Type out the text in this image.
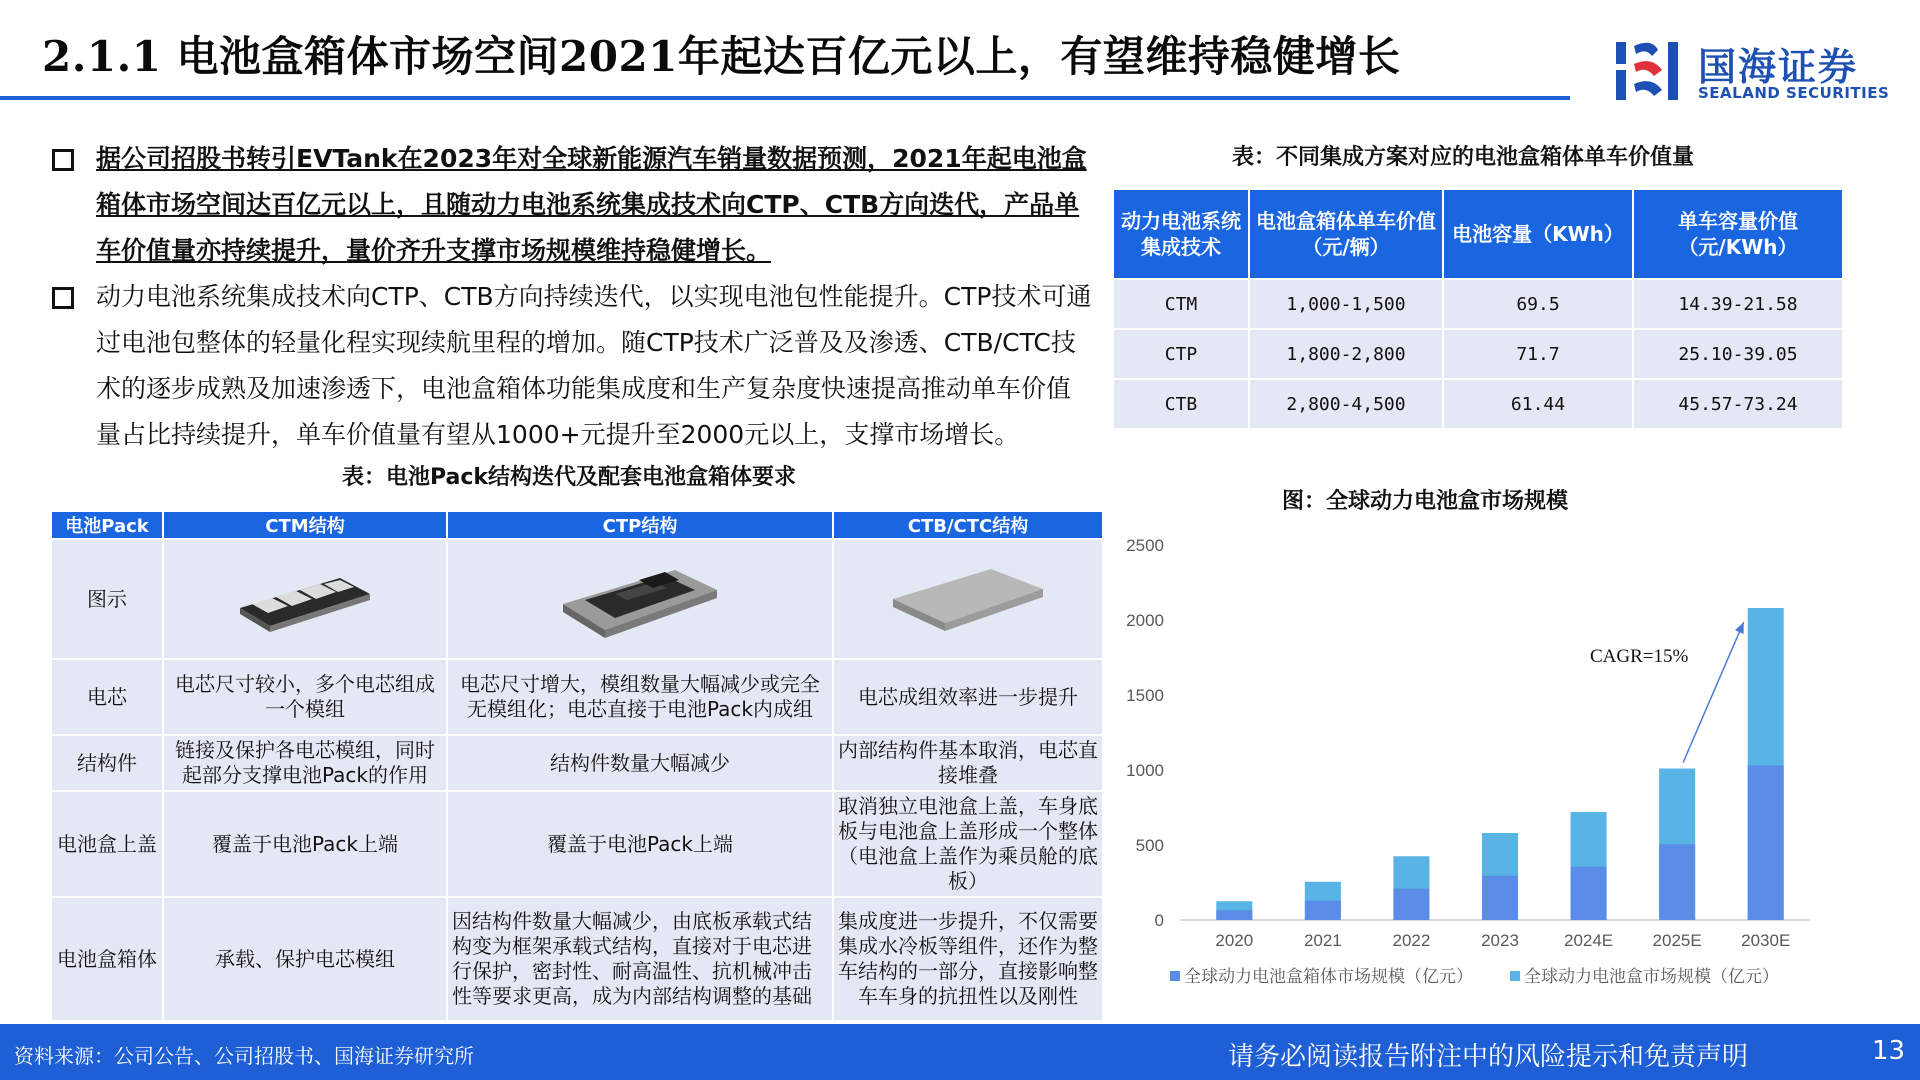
2.1.1 电池盒箱体市场空间2021年起达百亿元以上，有望维持稳健增长	国海证券
SEALAND SECURITIES
据公司招股书转引EVTank在2023年对全球新能源汽车销量数据预测，2021年起电池盒箱体市场空间达百亿元以上，且随动力电池系统集成技术向CTP、CTB方向迭代，产品单车价值量亦持续提升，量价齐升支撑市场规模维持稳健增长。
动力电池系统集成技术向CTP、CTB方向持续迭代，以实现电池包性能提升。CTP技术可通过电池包整体的轻量化程实现续航里程的增加。随CTP技术广泛普及及渗透、CTB/CTC技术的逐步成熟及加速渗透下，电池盒箱体功能集成度和生产复杂度快速提高推动单车价值量占比持续提升，单车价值量有望从1000+元提升至2000元以上，支撑市场增长。
表：电池Pack结构迭代及配套电池盒箱体要求
电池Pack	CTM结构	CTP结构	CTB/CTC结构
图示			
电芯	电芯尺寸较小，多个电芯组成一个模组	电芯尺寸增大，模组数量大幅减少或完全无模组化；电芯直接于电池Pack内成组	电芯成组效率进一步提升
结构件	链接及保护各电芯模组，同时起部分支撑电池Pack的作用	结构件数量大幅减少	内部结构件基本取消，电芯直接堆叠
电池盒上盖	覆盖于电池Pack上端	覆盖于电池Pack上端	取消独立电池盒上盖，车身底板与电池盒上盖形成一个整体（电池盒上盖作为乘员舱的底板）
电池盒箱体	承载、保护电芯模组	因结构件数量大幅减少，由底板承载式结构变为框架承载式结构，直接对于电芯进行保护，密封性、耐高温性、抗机械冲击性等要求更高，成为内部结构调整的基础	集成度进一步提升，不仅需要集成水冷板等组件，还作为整车结构的一部分，直接影响整车车身的抗扭性以及刚性
表：不同集成方案对应的电池盒箱体单车价值量
动力电池系统集成技术	电池盒箱体单车价值（元/辆）	电池容量（KWh）	单车容量价值（元/KWh）
CTM	1,000-1,500	69.5	14.39-21.58
CTP	1,800-2,800	71.7	25.10-39.05
CTB	2,800-4,500	61.44	45.57-73.24
图：全球动力电池盒市场规模
0
500
1000
1500
2000
2500
2020	2021	2022	2023	2024E 2025E 2030E
CAGR=15%
全球动力电池盒箱体市场规模（亿元）	全球动力电池盒市场规模（亿元）
资料来源：公司公告、公司招股书、国海证券研究所	请务必阅读报告附注中的风险提示和免责声明	13
